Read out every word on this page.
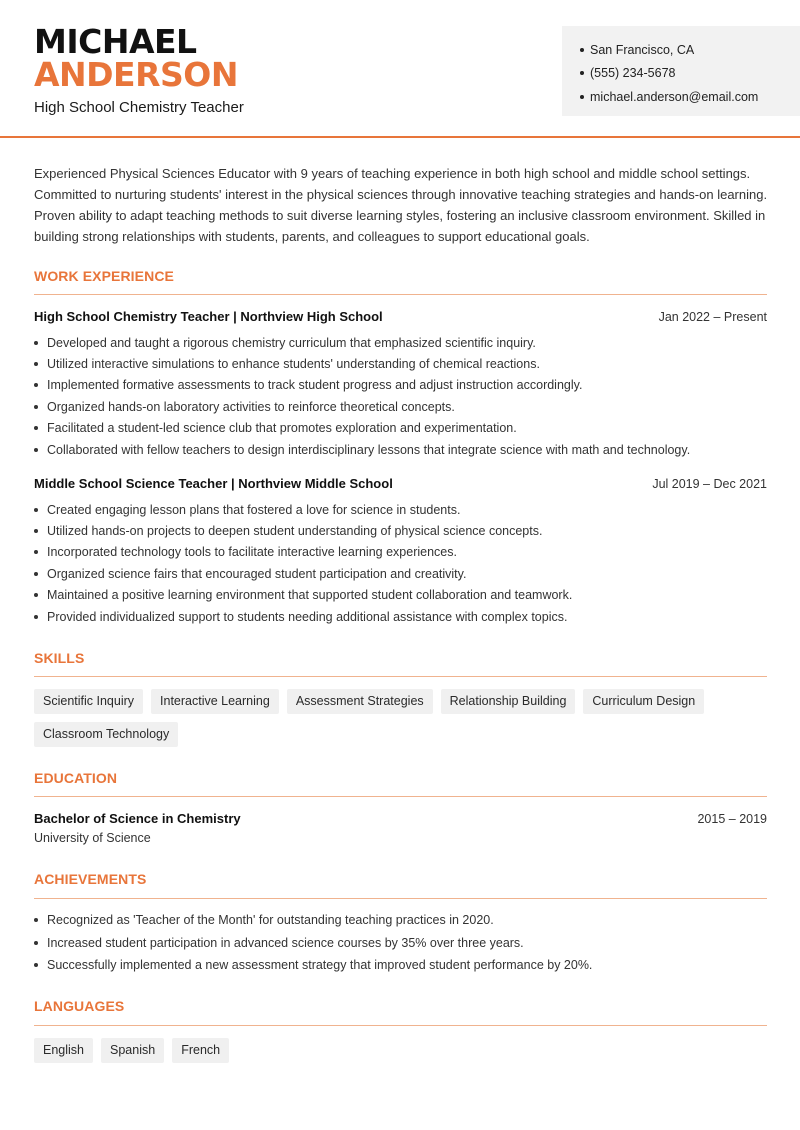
MICHAEL
ANDERSON
High School Chemistry Teacher
San Francisco, CA
(555) 234-5678
michael.anderson@email.com

Experienced Physical Sciences Educator with 9 years of teaching experience in both high school and middle school settings. Committed to nurturing students' interest in the physical sciences through innovative teaching strategies and hands-on learning. Proven ability to adapt teaching methods to suit diverse learning styles, fostering an inclusive classroom environment. Skilled in building strong relationships with students, parents, and colleagues to support educational goals.

WORK EXPERIENCE
High School Chemistry Teacher | Northview High School	Jan 2022 – Present
Developed and taught a rigorous chemistry curriculum that emphasized scientific inquiry.
Utilized interactive simulations to enhance students' understanding of chemical reactions.
Implemented formative assessments to track student progress and adjust instruction accordingly.
Organized hands-on laboratory activities to reinforce theoretical concepts.
Facilitated a student-led science club that promotes exploration and experimentation.
Collaborated with fellow teachers to design interdisciplinary lessons that integrate science with math and technology.
Middle School Science Teacher | Northview Middle School	Jul 2019 – Dec 2021
Created engaging lesson plans that fostered a love for science in students.
Utilized hands-on projects to deepen student understanding of physical science concepts.
Incorporated technology tools to facilitate interactive learning experiences.
Organized science fairs that encouraged student participation and creativity.
Maintained a positive learning environment that supported student collaboration and teamwork.
Provided individualized support to students needing additional assistance with complex topics.
SKILLS
Scientific Inquiry	Interactive Learning	Assessment Strategies	Relationship Building	Curriculum Design
Classroom Technology
EDUCATION
Bachelor of Science in Chemistry	2015 – 2019
University of Science
ACHIEVEMENTS
Recognized as 'Teacher of the Month' for outstanding teaching practices in 2020.
Increased student participation in advanced science courses by 35% over three years.
Successfully implemented a new assessment strategy that improved student performance by 20%.
LANGUAGES
English	Spanish	French
